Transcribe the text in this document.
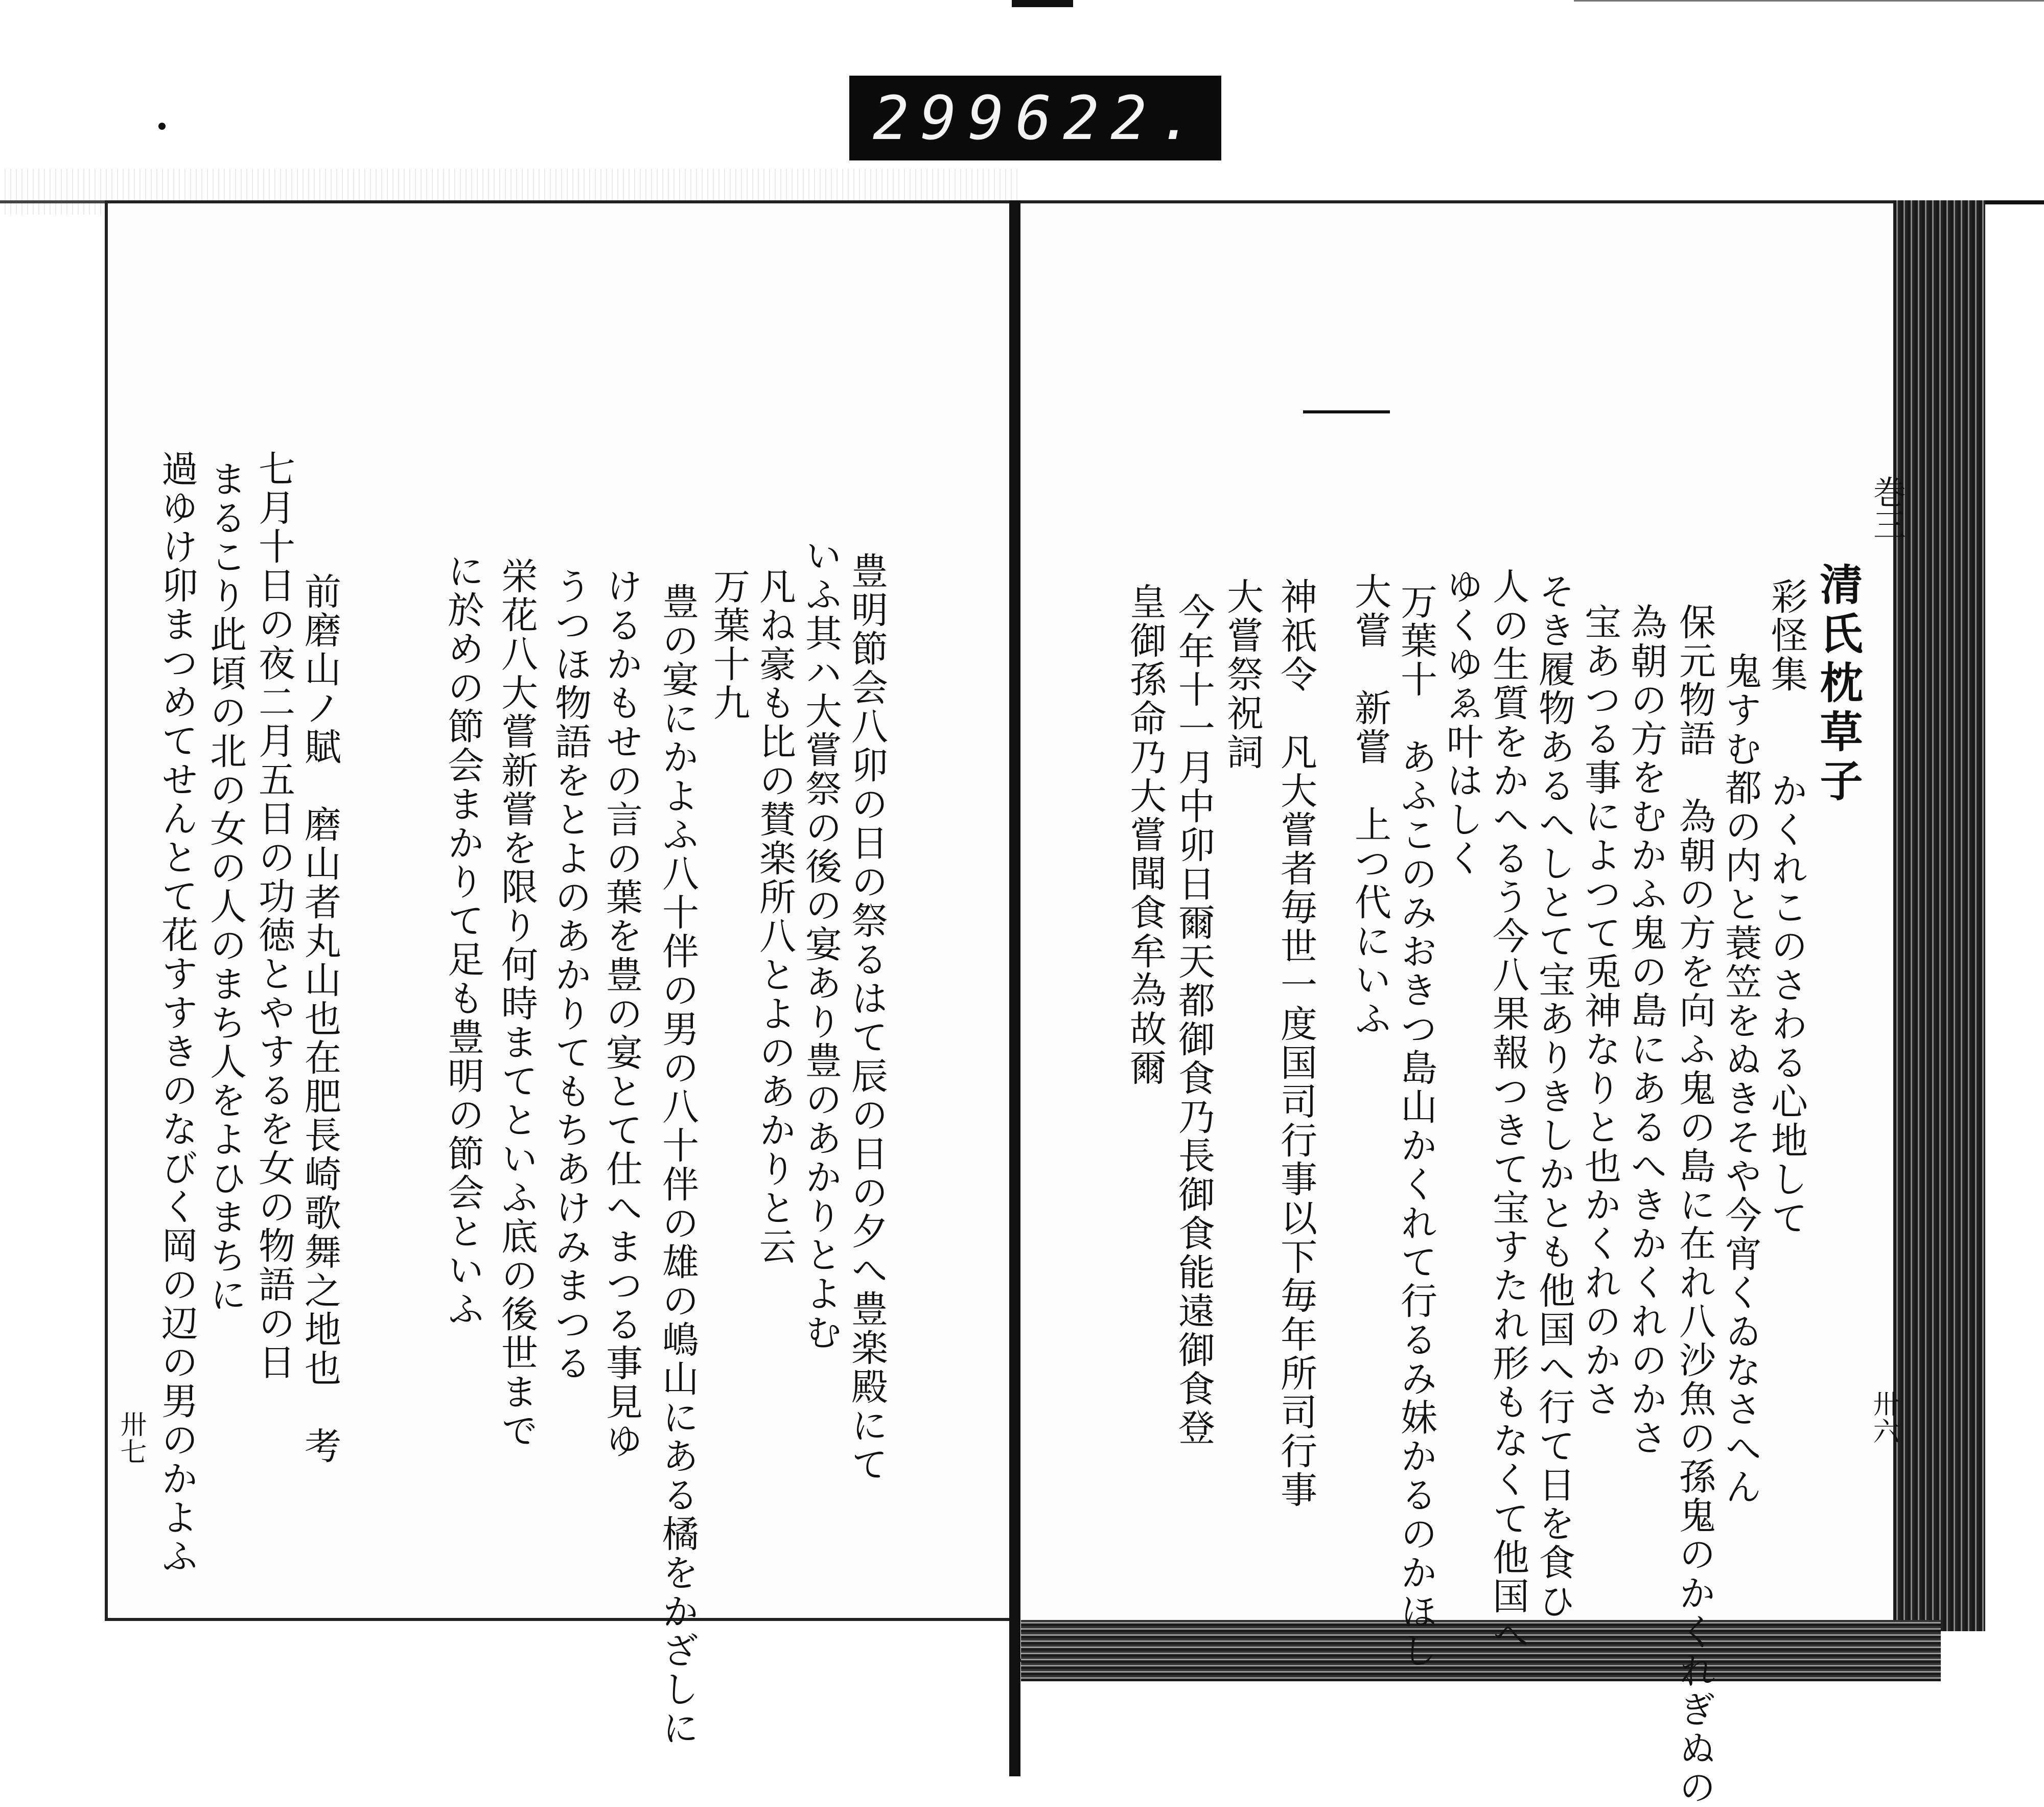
299 622.
巻三
卅六
清氏枕草子
彩怪集　　かくれこのさわる心地して
　鬼すむ都の内と蓑笠をぬきそや今宵くゐなさへん
保元物語　為朝の方を向ふ鬼の島に在れ八沙魚の孫鬼のかくれぎぬの
為朝の方をむかふ鬼の島にあるへきかくれのかさ
宝あつる事によつて兎神なりと也かくれのかさ
そき履物あるへしとて宝ありきしかとも他国へ行て日を食ひ
人の生質をかへるう今八果報つきて宝すたれ形もなくて他国へ
ゆくゆゑ叶はしく
万葉十　あふこのみおきつ島山かくれて行るみ妹かるのかほし
大嘗　新嘗　上つ代にいふ
神祇令　凡大嘗者毎世一度国司行事以下毎年所司行事
大嘗祭祝詞
今年十一月中卯日爾天都御食乃長御食能遠御食登
皇御孫命乃大嘗聞食牟為故爾
豊明節会八卯の日の祭るはて辰の日の夕へ豊楽殿にて
いふ其ハ大嘗祭の後の宴あり豊のあかりとよむ
凡ね豪も比の賛楽所八とよのあかりと云
万葉十九
豊の宴にかよふ八十伴の男の八十伴の雄の嶋山にある橘をかざしに
けるかもせの言の葉を豊の宴とて仕へまつる事見ゆ
うつほ物語をとよのあかりてもちあけみまつる
栄花八大嘗新嘗を限り何時まてといふ底の後世まで
に於めの節会まかりて足も豊明の節会といふ
七月十日の夜二月五日の功徳とやするを女の物語の日
まるこり此頃の北の女の人のまち人をよひまちに
過ゆけ卯まつめてせんとて花すすきのなびく岡の辺の男のかよふ	前磨山ノ賦　磨山者丸山也在肥長崎歌舞之地也　考
卅七
